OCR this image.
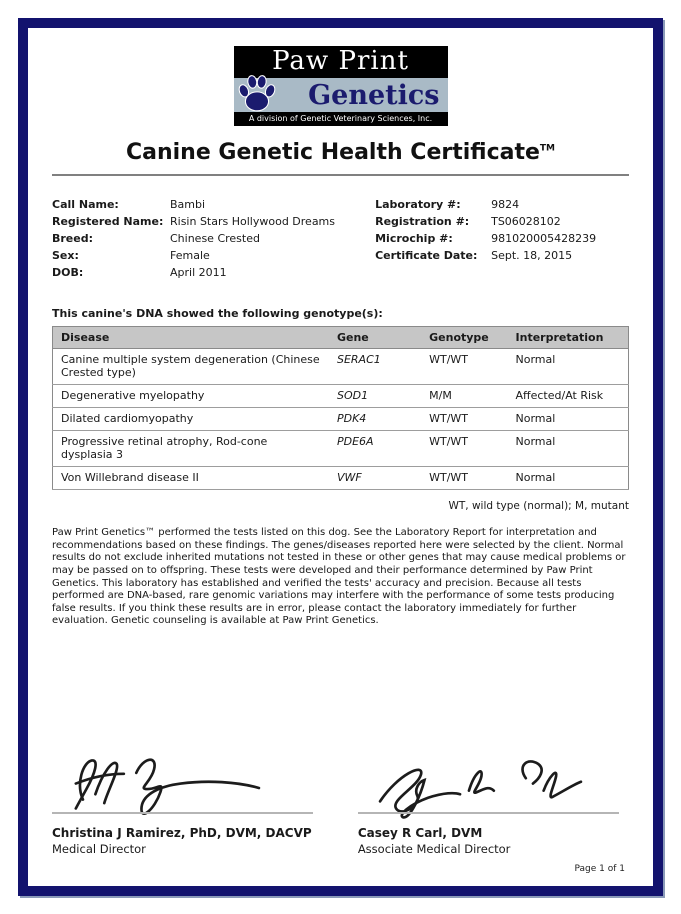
Paw Print
Genetics
A division of Genetic Veterinary Sciences, Inc.
Canine Genetic Health Certificate™
Call Name:	Bambi
Registered Name: Risin Stars Hollywood Dreams
Breed:	Chinese Crested
Sex:	Female
DOB:	April 2011
Laboratory #:	9824
Registration #:	TS06028102
Microchip #:	981020005428239
Certificate Date:	Sept. 18, 2015
This canine's DNA showed the following genotype(s):
Disease	Gene	Genotype	Interpretation
Canine multiple system degeneration (Chinese Crested type)	SERAC1	WT/WT	Normal
Degenerative myelopathy	SOD1	M/M	Affected/At Risk
Dilated cardiomyopathy	PDK4	WT/WT	Normal
Progressive retinal atrophy, Rod-cone dysplasia 3	PDE6A	WT/WT	Normal
Von Willebrand disease II	VWF	WT/WT	Normal
WT, wild type (normal); M, mutant

Paw Print Genetics™ performed the tests listed on this dog. See the Laboratory Report for interpretation and recommendations based on these findings. The genes/diseases reported here were selected by the client. Normal results do not exclude inherited mutations not tested in these or other genes that may cause medical problems or may be passed on to offspring. These tests were developed and their performance determined by Paw Print Genetics. This laboratory has established and verified the tests' accuracy and precision. Because all tests performed are DNA-based, rare genomic variations may interfere with the performance of some tests producing false results. If you think these results are in error, please contact the laboratory immediately for further evaluation. Genetic counseling is available at Paw Print Genetics.

Christina J Ramirez, PhD, DVM, DACVP
Medical Director
Casey R Carl, DVM
Associate Medical Director
Page 1 of 1
